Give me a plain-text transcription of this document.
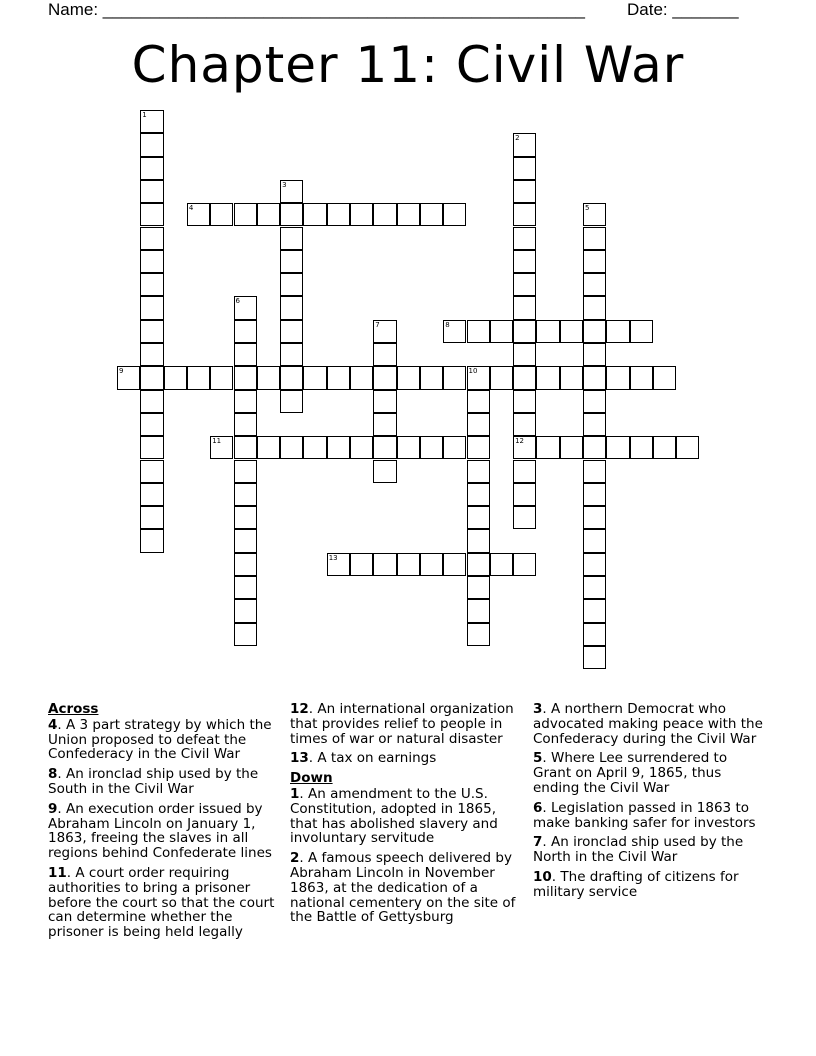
Name: ___________________________________________________ Date: _______
Chapter 11: Civil War
1
2
12
3
4	5
6
7	8
9	10
11
13
Across
4. A 3 part strategy by which the Union proposed to defeat the Confederacy in the Civil War
8. An ironclad ship used by the South in the Civil War
9. An execution order issued by Abraham Lincoln on January 1, 1863, freeing the slaves in all regions behind Confederate lines
11. A court order requiring authorities to bring a prisoner before the court so that the court can determine whether the prisoner is being held legally
12. An international organization that provides relief to people in times of war or natural disaster
13. A tax on earnings
Down
1. An amendment to the U.S. Constitution, adopted in 1865, that has abolished slavery and involuntary servitude
2. A famous speech delivered by Abraham Lincoln in November 1863, at the dedication of a national cementery on the site of the Battle of Gettysburg
3. A northern Democrat who advocated making peace with the Confederacy during the Civil War
5. Where Lee surrendered to Grant on April 9, 1865, thus ending the Civil War
6. Legislation passed in 1863 to make banking safer for investors
7. An ironclad ship used by the North in the Civil War
10. The drafting of citizens for military service
